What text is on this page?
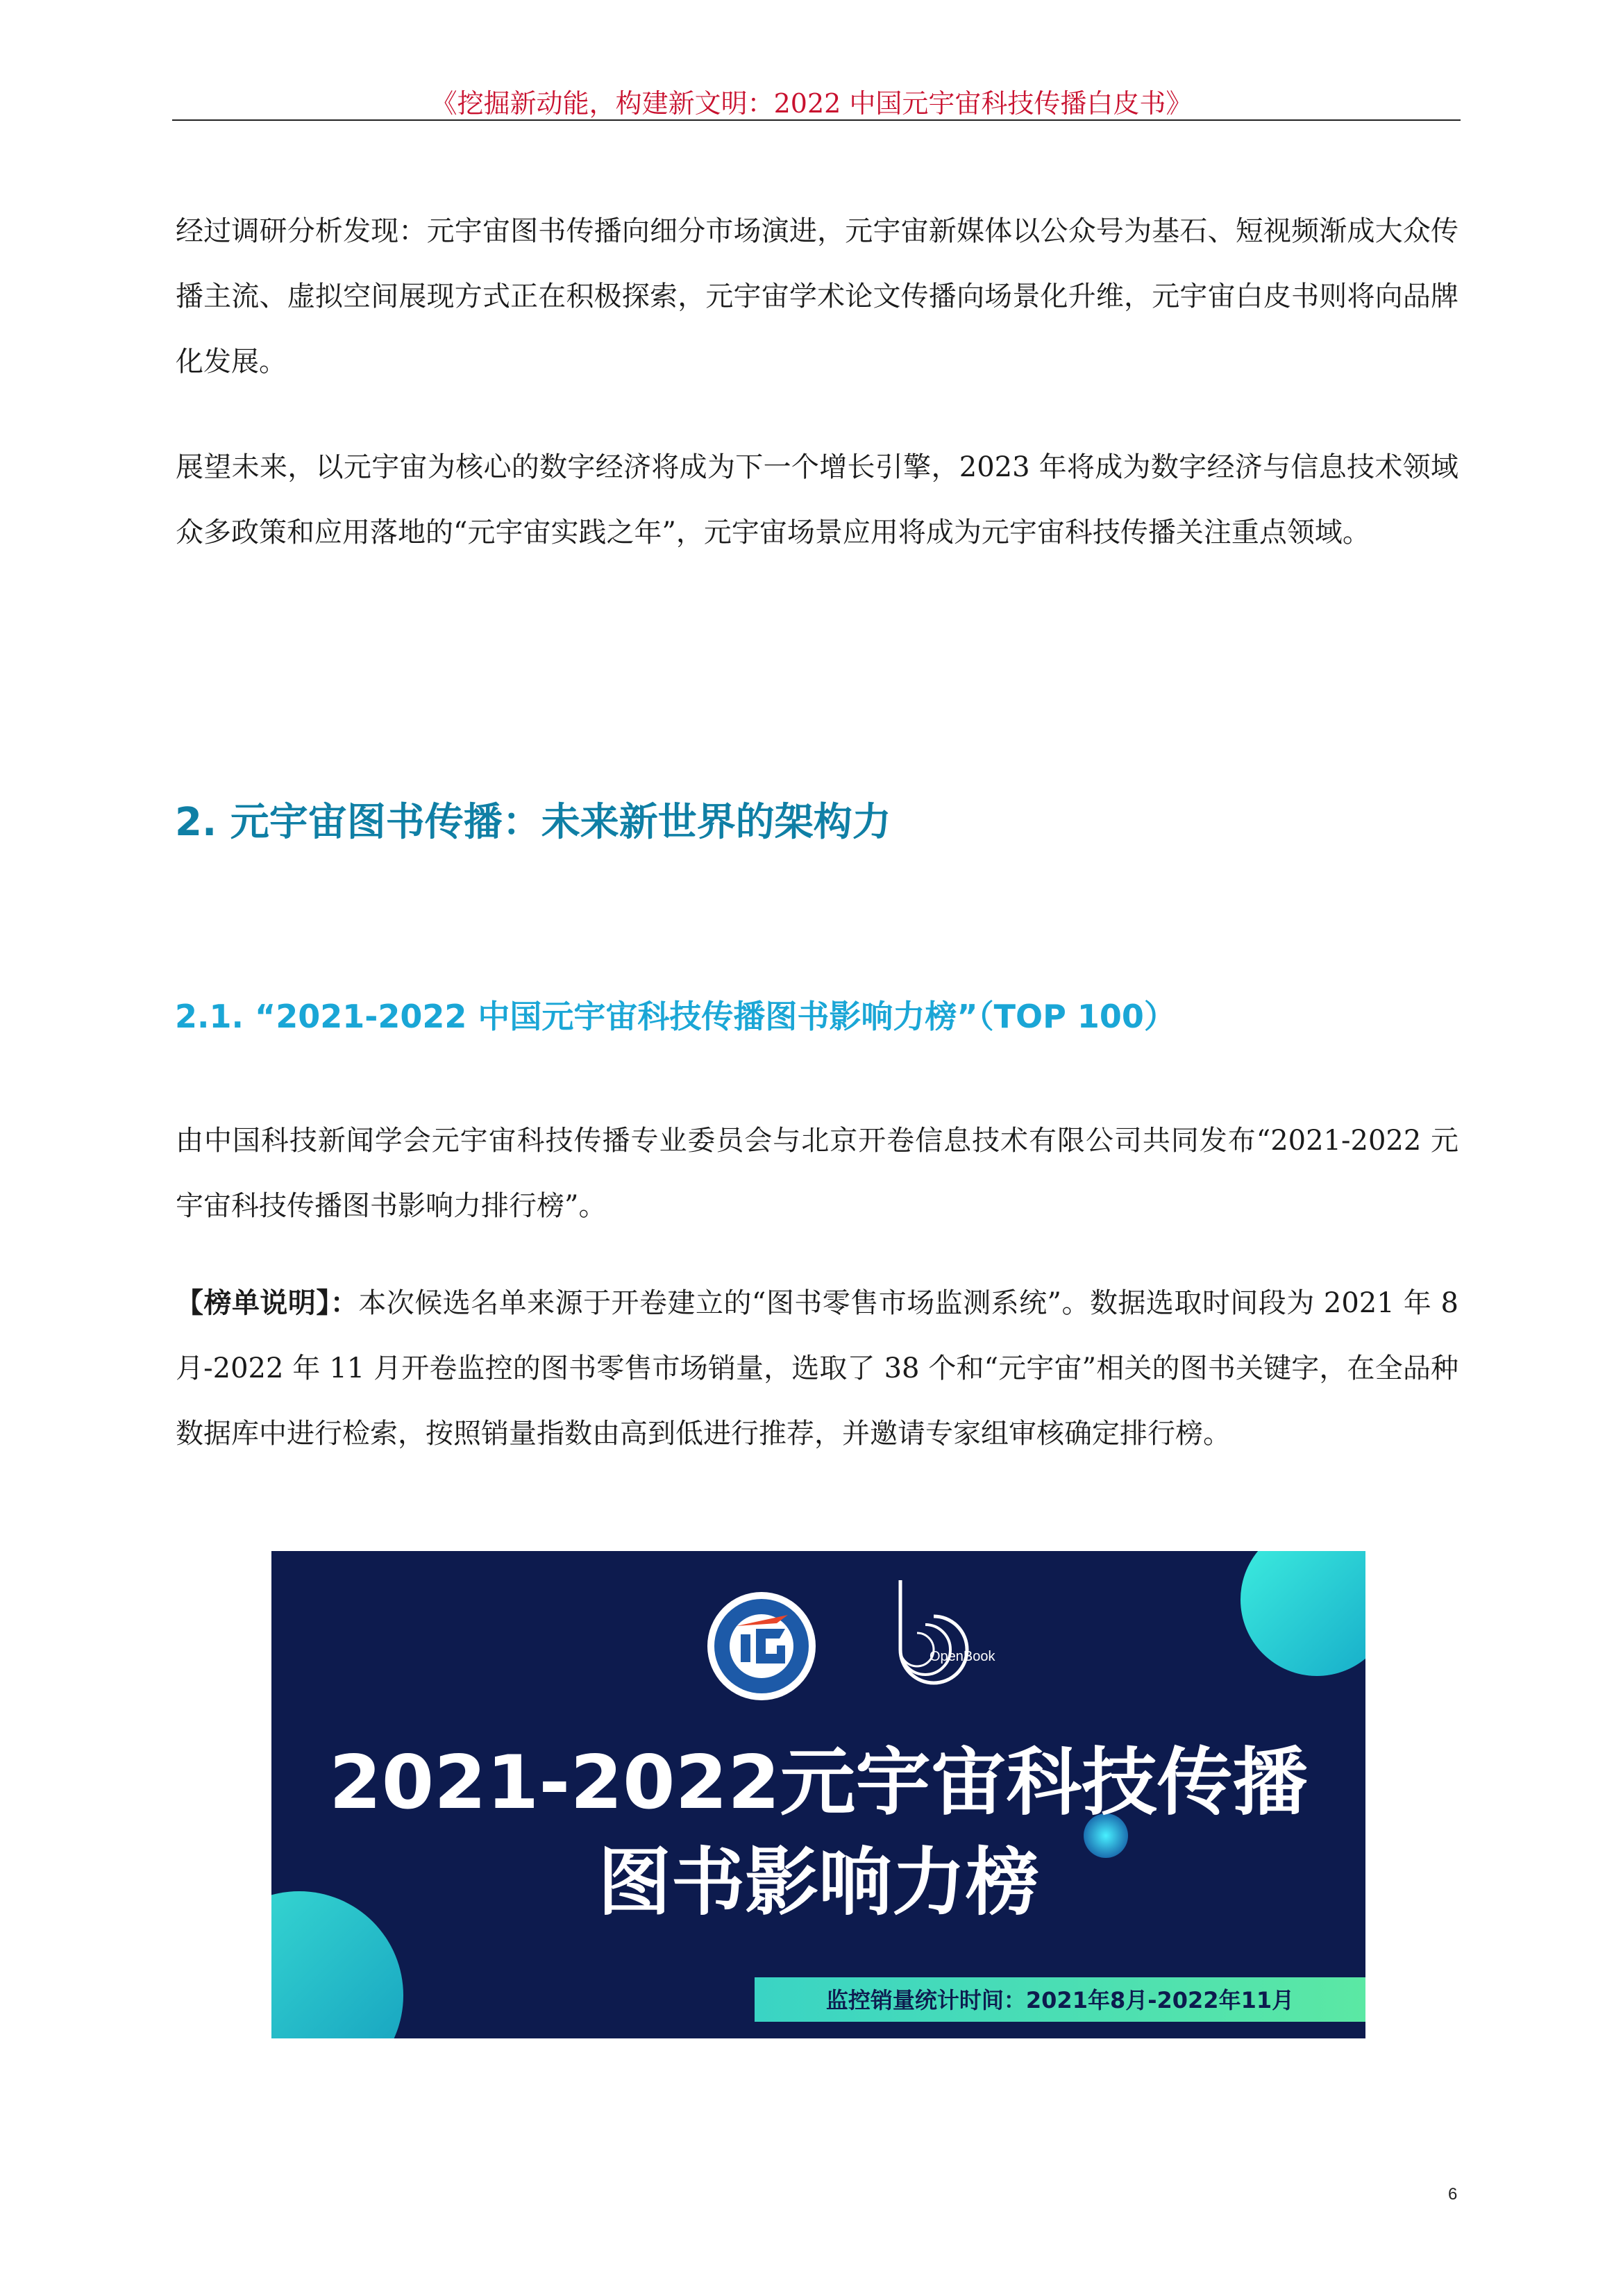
《挖掘新动能，构建新文明：2022 中国元宇宙科技传播白皮书》

经过调研分析发现：元宇宙图书传播向细分市场演进，元宇宙新媒体以公众号为基石、短视频渐成大众传播主流、虚拟空间展现方式正在积极探索，元宇宙学术论文传播向场景化升维，元宇宙白皮书则将向品牌化发展。

展望未来，以元宇宙为核心的数字经济将成为下一个增长引擎，2023 年将成为数字经济与信息技术领域众多政策和应用落地的“元宇宙实践之年”，元宇宙场景应用将成为元宇宙科技传播关注重点领域。

2. 元宇宙图书传播：未来新世界的架构力
2.1. “2021-2022 中国元宇宙科技传播图书影响力榜”（TOP 100）

由中国科技新闻学会元宇宙科技传播专业委员会与北京开卷信息技术有限公司共同发布“2021-2022 元宇宙科技传播图书影响力排行榜”。

【榜单说明】：本次候选名单来源于开卷建立的“图书零售市场监测系统”。数据选取时间段为 2021 年 8 月-2022 年 11 月开卷监控的图书零售市场销量，选取了 38 个和“元宇宙”相关的图书关键字，在全品种数据库中进行检索，按照销量指数由高到低进行推荐，并邀请专家组审核确定排行榜。

OpenBook
2021-2022元宇宙科技传播
图书影响力榜
监控销量统计时间：2021年8月-2022年11月
6
